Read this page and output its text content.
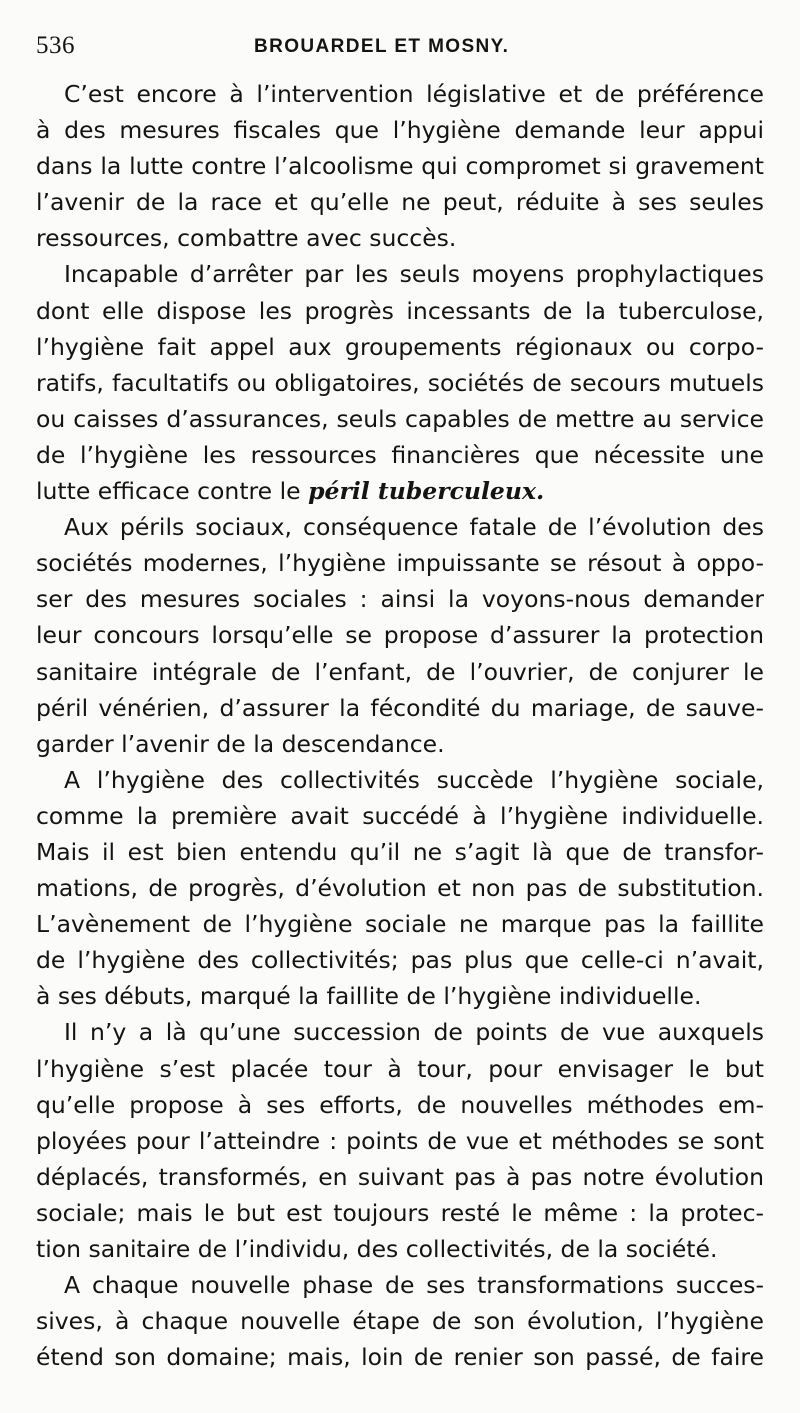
536	BROUARDEL ET MOSNY.
C’est encore à l’intervention législative et de préférence
à des mesures fiscales que l’hygiène demande leur appui
dans la lutte contre l’alcoolisme qui compromet si gravement
l’avenir de la race et qu’elle ne peut, réduite à ses seules
ressources, combattre avec succès.
Incapable d’arrêter par les seuls moyens prophylactiques
dont elle dispose les progrès incessants de la tuberculose,
l’hygiène fait appel aux groupements régionaux ou corpo-
ratifs, facultatifs ou obligatoires, sociétés de secours mutuels
ou caisses d’assurances, seuls capables de mettre au service
de l’hygiène les ressources financières que nécessite une
lutte efficace contre le péril tuberculeux.
Aux périls sociaux, conséquence fatale de l’évolution des
sociétés modernes, l’hygiène impuissante se résout à oppo-
ser des mesures sociales : ainsi la voyons-nous demander
leur concours lorsqu’elle se propose d’assurer la protection
sanitaire intégrale de l’enfant, de l’ouvrier, de conjurer le
péril vénérien, d’assurer la fécondité du mariage, de sauve-
garder l’avenir de la descendance.
A l’hygiène des collectivités succède l’hygiène sociale,
comme la première avait succédé à l’hygiène individuelle.
Mais il est bien entendu qu’il ne s’agit là que de transfor-
mations, de progrès, d’évolution et non pas de substitution.
L’avènement de l’hygiène sociale ne marque pas la faillite
de l’hygiène des collectivités; pas plus que celle-ci n’avait,
à ses débuts, marqué la faillite de l’hygiène individuelle.
Il n’y a là qu’une succession de points de vue auxquels
l’hygiène s’est placée tour à tour, pour envisager le but
qu’elle propose à ses efforts, de nouvelles méthodes em-
ployées pour l’atteindre : points de vue et méthodes se sont
déplacés, transformés, en suivant pas à pas notre évolution
sociale; mais le but est toujours resté le même : la protec-
tion sanitaire de l’individu, des collectivités, de la société.
A chaque nouvelle phase de ses transformations succes-
sives, à chaque nouvelle étape de son évolution, l’hygiène
étend son domaine; mais, loin de renier son passé, de faire
